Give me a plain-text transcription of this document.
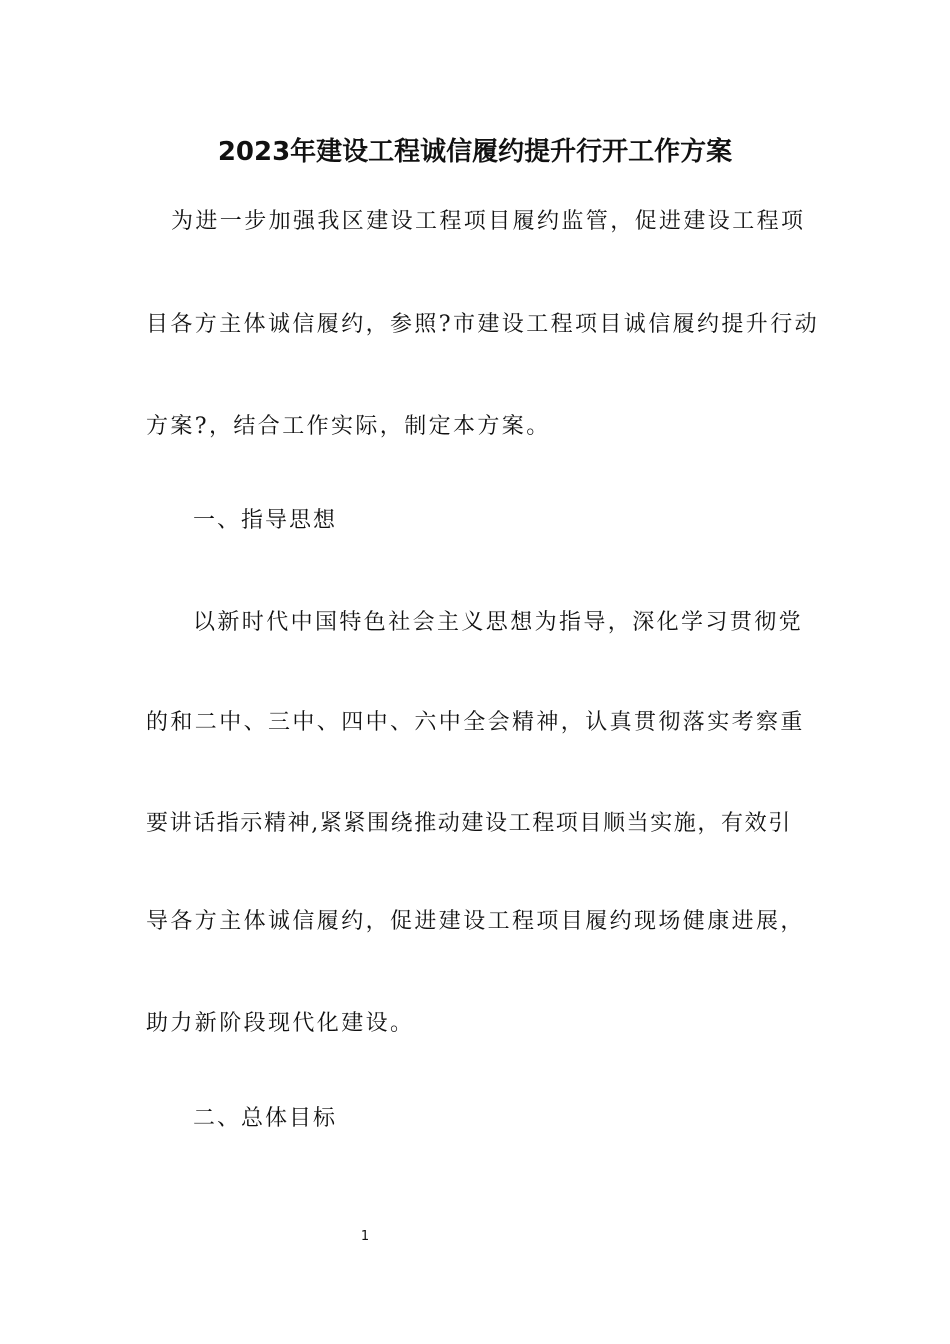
2023年建设工程诚信履约提升行开工作方案
为进一步加强我区建设工程项目履约监管，促进建设工程项
目各方主体诚信履约，参照?市建设工程项目诚信履约提升行动
方案?，结合工作实际，制定本方案。
一、指导思想
以新时代中国特色社会主义思想为指导，深化学习贯彻党
的和二中、三中、四中、六中全会精神，认真贯彻落实考察重
要讲话指示精神,紧紧围绕推动建设工程项目顺当实施，有效引
导各方主体诚信履约，促进建设工程项目履约现场健康进展，
助力新阶段现代化建设。
二、总体目标
1
